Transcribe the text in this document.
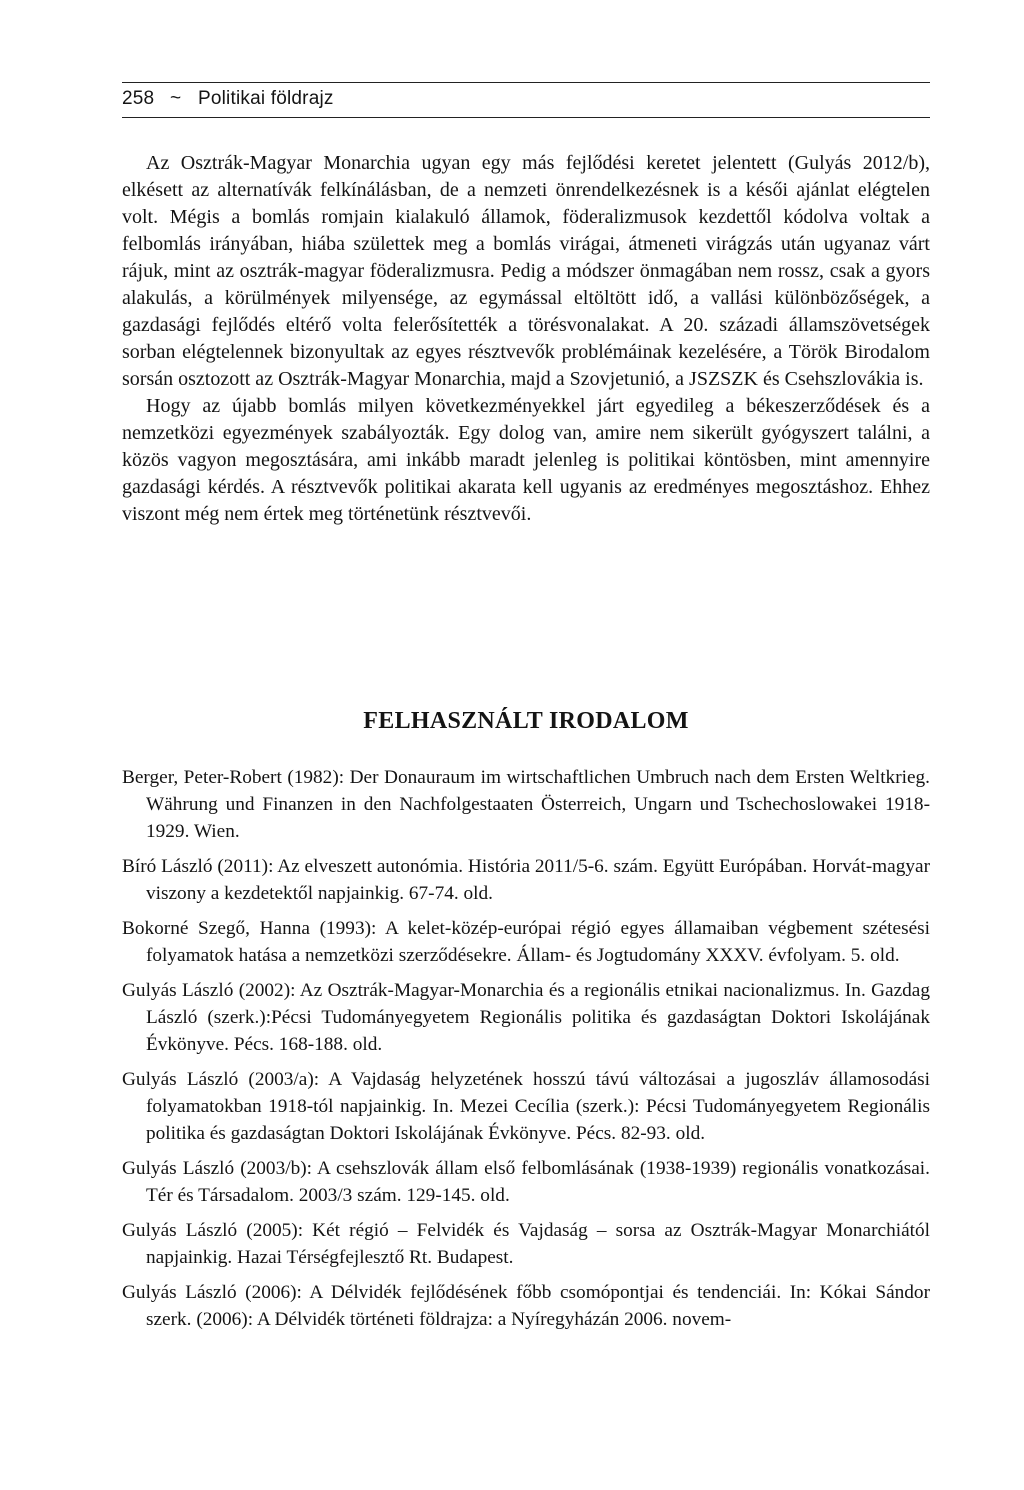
258 ~ Politikai földrajz

Az Osztrák-Magyar Monarchia ugyan egy más fejlődési keretet jelentett (Gulyás 2012/b), elkésett az alternatívák felkínálásban, de a nemzeti önrendelkezésnek is a késői ajánlat elégtelen volt. Mégis a bomlás romjain kialakuló államok, föderalizmusok kezdettől kódolva voltak a felbomlás irányában, hiába születtek meg a bomlás virágai, átmeneti virágzás után ugyanaz várt rájuk, mint az osztrák-magyar föderalizmusra. Pedig a módszer önmagában nem rossz, csak a gyors alakulás, a körülmények milyensége, az egymással eltöltött idő, a vallási különbözőségek, a gazdasági fejlődés eltérő volta felerősítették a törésvonalakat. A 20. századi államszövetségek sorban elégtelennek bizonyultak az egyes résztvevők problémáinak kezelésére, a Török Birodalom sorsán osztozott az Osztrák-Magyar Monarchia, majd a Szovjetunió, a JSZSZK és Csehszlovákia is.

Hogy az újabb bomlás milyen következményekkel járt egyedileg a békeszerződések és a nemzetközi egyezmények szabályozták. Egy dolog van, amire nem sikerült gyógyszert találni, a közös vagyon megosztására, ami inkább maradt jelenleg is politikai köntösben, mint amennyire gazdasági kérdés. A résztvevők politikai akarata kell ugyanis az eredményes megosztáshoz. Ehhez viszont még nem értek meg történetünk résztvevői.

FELHASZNÁLT IRODALOM

Berger, Peter-Robert (1982): Der Donauraum im wirtschaftlichen Umbruch nach dem Ersten Weltkrieg. Währung und Finanzen in den Nachfolgestaaten Österreich, Ungarn und Tschechoslowakei 1918-1929. Wien.

Bíró László (2011): Az elveszett autonómia. História 2011/5-6. szám. Együtt Európában. Horvát-magyar viszony a kezdetektől napjainkig. 67-74. old.

Bokorné Szegő, Hanna (1993): A kelet-közép-európai régió egyes államaiban végbement szétesési folyamatok hatása a nemzetközi szerződésekre. Állam- és Jogtudomány XXXV. évfolyam. 5. old.

Gulyás László (2002): Az Osztrák-Magyar-Monarchia és a regionális etnikai nacionalizmus. In. Gazdag László (szerk.):Pécsi Tudományegyetem Regionális politika és gazdaságtan Doktori Iskolájának Évkönyve. Pécs. 168-188. old.

Gulyás László (2003/a): A Vajdaság helyzetének hosszú távú változásai a jugoszláv államosodási folyamatokban 1918-tól napjainkig. In. Mezei Cecília (szerk.): Pécsi Tudományegyetem Regionális politika és gazdaságtan Doktori Iskolájának Évkönyve. Pécs. 82-93. old.

Gulyás László (2003/b): A csehszlovák állam első felbomlásának (1938-1939) regionális vonatkozásai. Tér és Társadalom. 2003/3 szám. 129-145. old.

Gulyás László (2005): Két régió – Felvidék és Vajdaság – sorsa az Osztrák-Magyar Monarchiától napjainkig. Hazai Térségfejlesztő Rt. Budapest.

Gulyás László (2006): A Délvidék fejlődésének főbb csomópontjai és tendenciái. In: Kókai Sándor szerk. (2006): A Délvidék történeti földrajza: a Nyíregyházán 2006. novem-
